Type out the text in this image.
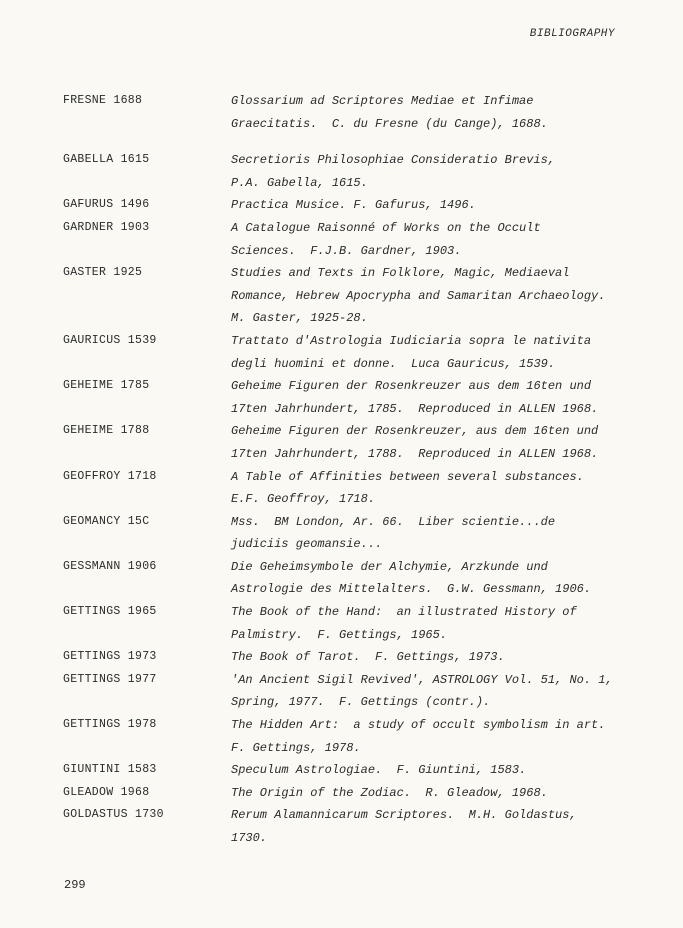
BIBLIOGRAPHY
FRESNE 1688	Glossarium ad Scriptores Mediae et Infimae
Graecitatis.  C. du Fresne (du Cange), 1688.
GABELLA 1615	Secretioris Philosophiae Consideratio Brevis,
P.A. Gabella, 1615.
GAFURUS 1496	Practica Musice. F. Gafurus, 1496.
GARDNER 1903	A Catalogue Raisonné of Works on the Occult
Sciences.  F.J.B. Gardner, 1903.
GASTER 1925	Studies and Texts in Folklore, Magic, Mediaeval
Romance, Hebrew Apocrypha and Samaritan Archaeology.
M. Gaster, 1925-28.
GAURICUS 1539	Trattato d'Astrologia Iudiciaria sopra le nativita
degli huomini et donne.  Luca Gauricus, 1539.
GEHEIME 1785	Geheime Figuren der Rosenkreuzer aus dem 16ten und
17ten Jahrhundert, 1785.  Reproduced in ALLEN 1968.
GEHEIME 1788	Geheime Figuren der Rosenkreuzer, aus dem 16ten und
17ten Jahrhundert, 1788.  Reproduced in ALLEN 1968.
GEOFFROY 1718	A Table of Affinities between several substances.
E.F. Geoffroy, 1718.
GEOMANCY 15C	Mss.  BM London, Ar. 66.  Liber scientie...de
judiciis geomansie...
GESSMANN 1906	Die Geheimsymbole der Alchymie, Arzkunde und
Astrologie des Mittelalters.  G.W. Gessmann, 1906.
GETTINGS 1965	The Book of the Hand:  an illustrated History of
Palmistry.  F. Gettings, 1965.
GETTINGS 1973	The Book of Tarot.  F. Gettings, 1973.
GETTINGS 1977	'An Ancient Sigil Revived', ASTROLOGY Vol. 51, No. 1,
Spring, 1977.  F. Gettings (contr.).
GETTINGS 1978	The Hidden Art:  a study of occult symbolism in art.
F. Gettings, 1978.
GIUNTINI 1583	Speculum Astrologiae.  F. Giuntini, 1583.
GLEADOW 1968	The Origin of the Zodiac.  R. Gleadow, 1968.
GOLDASTUS 1730	Rerum Alamannicarum Scriptores.  M.H. Goldastus,
1730.
299
